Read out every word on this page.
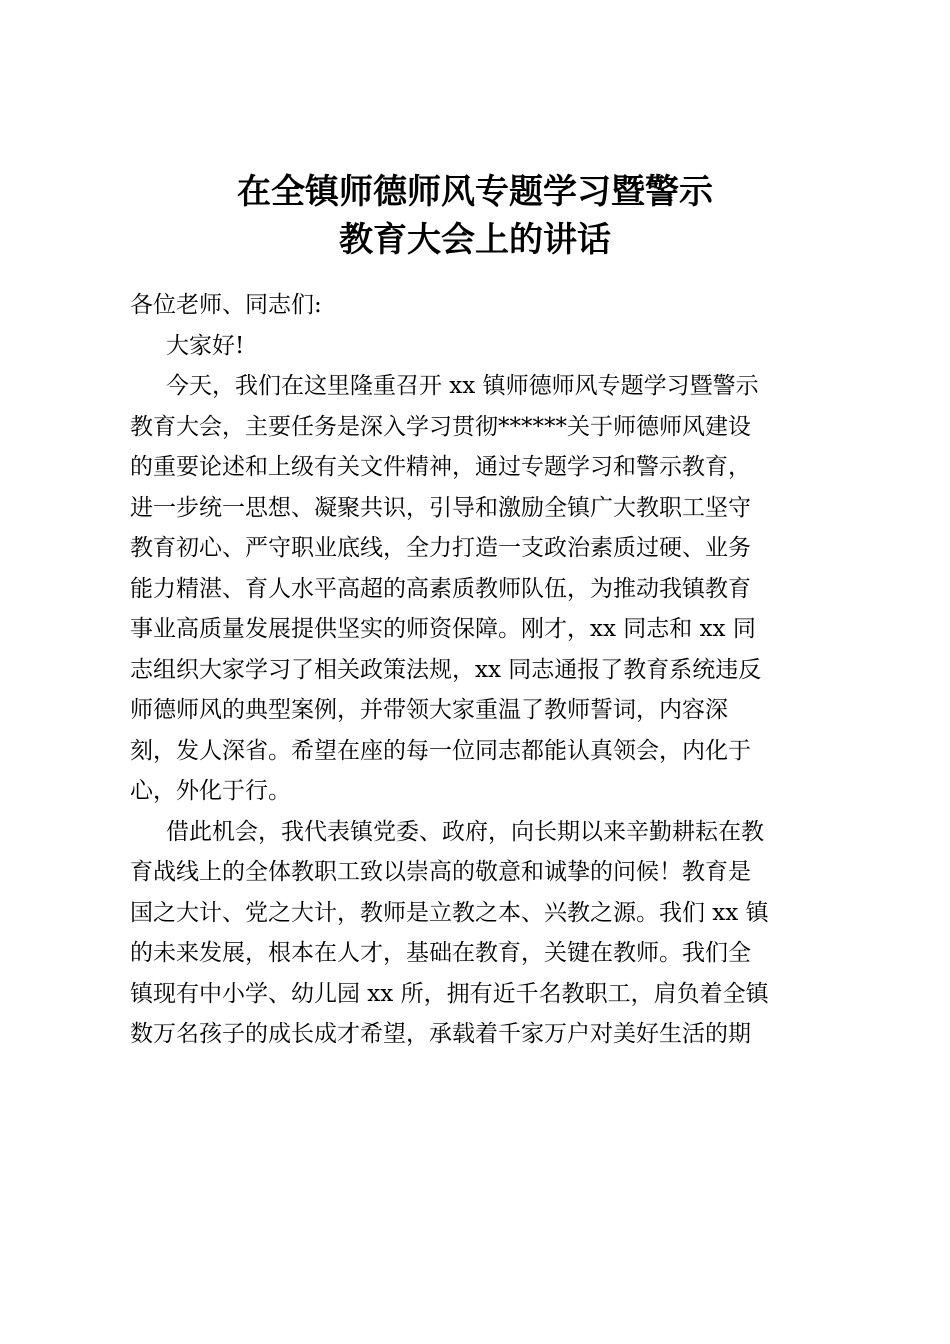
在全镇师德师风专题学习暨警示
教育大会上的讲话
各位老师、同志们:
大家好!
今天，我们在这里隆重召开 xx 镇师德师风专题学习暨警示
教育大会，主要任务是深入学习贯彻******关于师德师风建设
的重要论述和上级有关文件精神，通过专题学习和警示教育，
进一步统一思想、凝聚共识，引导和激励全镇广大教职工坚守
教育初心、严守职业底线，全力打造一支政治素质过硬、业务
能力精湛、育人水平高超的高素质教师队伍，为推动我镇教育
事业高质量发展提供坚实的师资保障。刚才，xx 同志和 xx 同
志组织大家学习了相关政策法规，xx 同志通报了教育系统违反
师德师风的典型案例，并带领大家重温了教师誓词，内容深
刻，发人深省。希望在座的每一位同志都能认真领会，内化于
心，外化于行。
借此机会，我代表镇党委、政府，向长期以来辛勤耕耘在教
育战线上的全体教职工致以崇高的敬意和诚挚的问候！教育是
国之大计、党之大计，教师是立教之本、兴教之源。我们 xx 镇
的未来发展，根本在人才，基础在教育，关键在教师。我们全
镇现有中小学、幼儿园 xx 所，拥有近千名教职工，肩负着全镇
数万名孩子的成长成才希望，承载着千家万户对美好生活的期
